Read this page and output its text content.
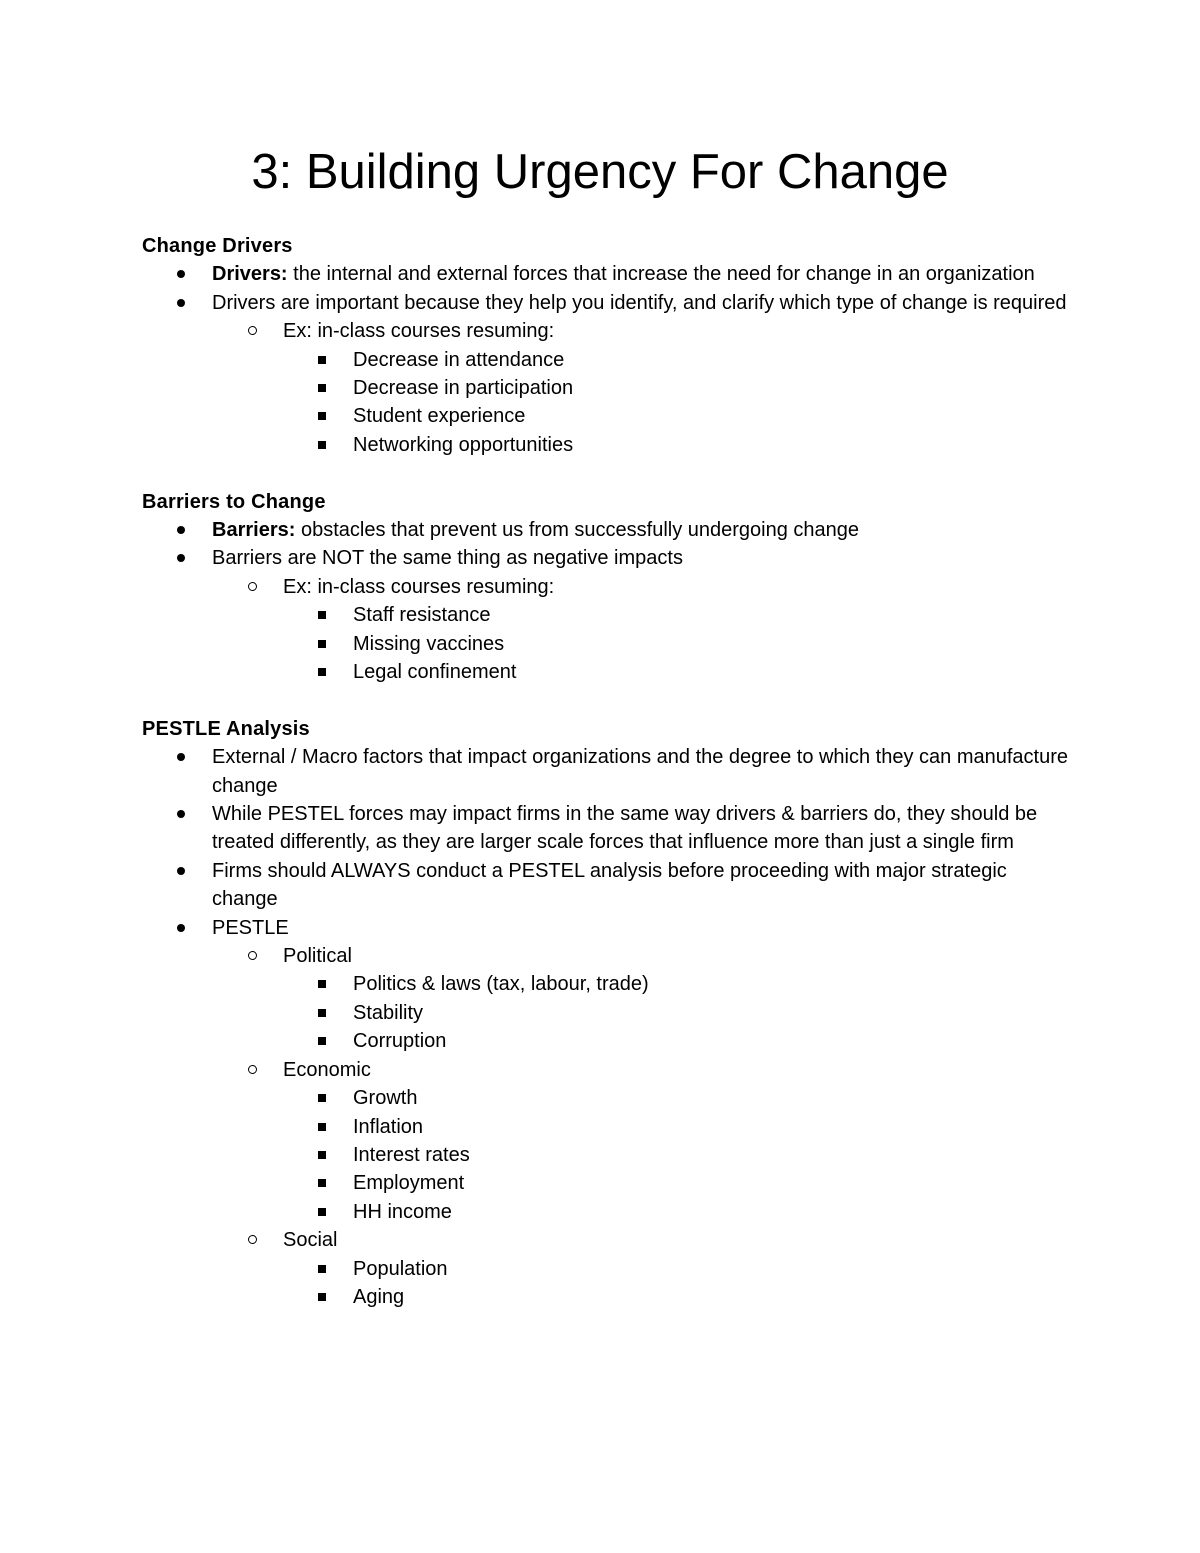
3: Building Urgency For Change

Change Drivers

Drivers: the internal and external forces that increase the need for change in an organization
Drivers are important because they help you identify, and clarify which type of change is required
Ex: in-class courses resuming:
Decrease in attendance
Decrease in participation
Student experience
Networking opportunities

Barriers to Change

Barriers: obstacles that prevent us from successfully undergoing change
Barriers are NOT the same thing as negative impacts
Ex: in-class courses resuming:
Staff resistance
Missing vaccines
Legal confinement

PESTLE Analysis

External / Macro factors that impact organizations and the degree to which they can manufacture change
While PESTEL forces may impact firms in the same way drivers & barriers do, they should be treated differently, as they are larger scale forces that influence more than just a single firm
Firms should ALWAYS conduct a PESTEL analysis before proceeding with major strategic change
PESTLE
Political
Politics & laws (tax, labour, trade)
Stability
Corruption
Economic
Growth
Inflation
Interest rates
Employment
HH income
Social
Population
Aging
